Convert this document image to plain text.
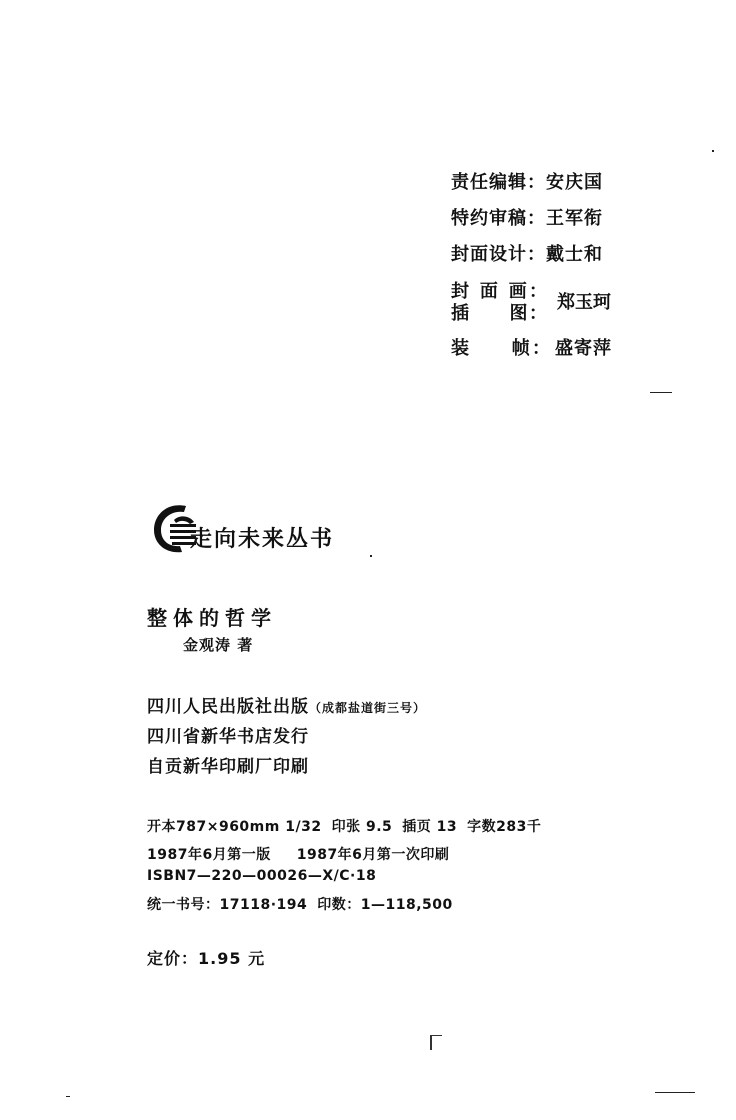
责任编辑：安庆国
特约审稿：王军衔
封面设计：戴士和
封 面 画：
插　　图：
郑玉珂
装　　帧： 盛寄萍
走向未来丛书
整体的哲学
金观涛 著
四川人民出版社出版（成都盐道街三号）
四川省新华书店发行
自贡新华印刷厂印刷
开本787×960mm 1/32 印张 9.5 插页 13 字数283千
1987年6月第一版 1987年6月第一次印刷
ISBN7—220—00026—X/C·18
统一书号：17118·194 印数：1—118,500
定价：1.95 元
